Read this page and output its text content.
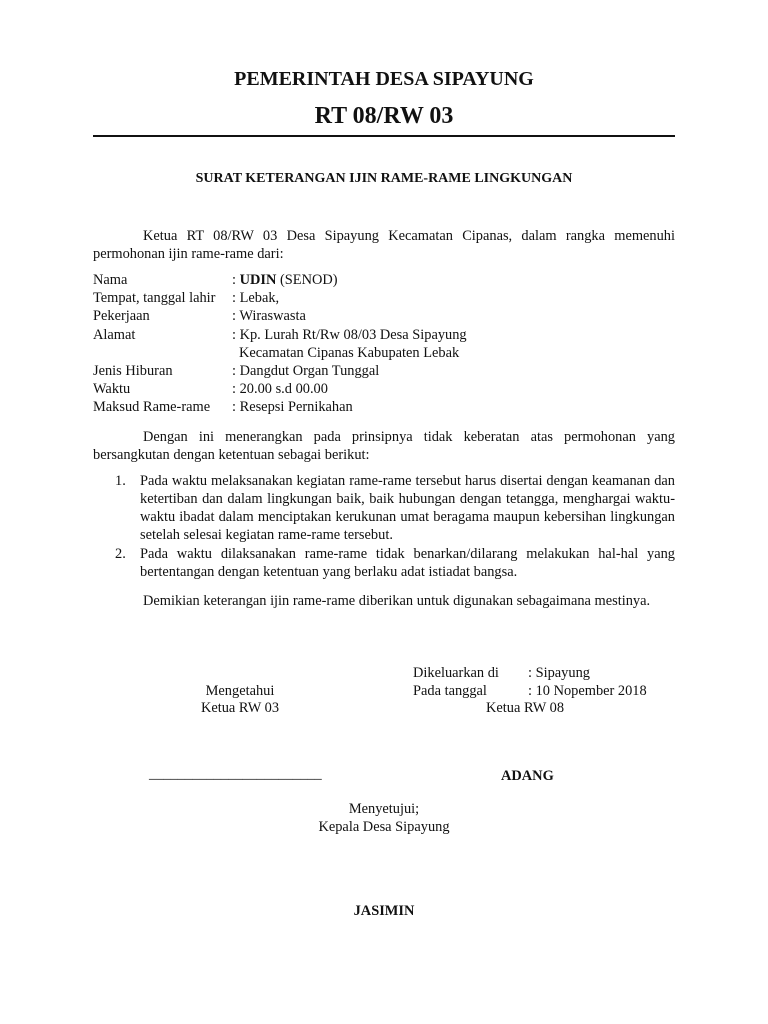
PEMERINTAH DESA SIPAYUNG
RT 08/RW 03
SURAT KETERANGAN IJIN RAME-RAME LINGKUNGAN
Ketua RT 08/RW 03 Desa Sipayung Kecamatan Cipanas, dalam rangka memenuhi permohonan ijin rame-rame dari:
Nama	: UDIN (SENOD)
Tempat, tanggal lahir : Lebak,
Pekerjaan	: Wiraswasta
Alamat	: Kp. Lurah Rt/Rw 08/03 Desa Sipayung
Kecamatan Cipanas Kabupaten Lebak
Jenis Hiburan	: Dangdut Organ Tunggal
Waktu	: 20.00 s.d 00.00
Maksud Rame-rame : Resepsi Pernikahan
Dengan ini menerangkan pada prinsipnya tidak keberatan atas permohonan yang bersangkutan dengan ketentuan sebagai berikut:
1. Pada waktu melaksanakan kegiatan rame-rame tersebut harus disertai dengan keamanan dan ketertiban dan dalam lingkungan baik, baik hubungan dengan tetangga, menghargai waktu-waktu ibadat dalam menciptakan kerukunan umat beragama maupun kebersihan lingkungan setelah selesai kegiatan rame-rame tersebut.
2. Pada waktu dilaksanakan rame-rame tidak benarkan/dilarang melakukan hal-hal yang bertentangan dengan ketentuan yang berlaku adat istiadat bangsa.
Demikian keterangan ijin rame-rame diberikan untuk digunakan sebagaimana mestinya.
Dikeluarkan di : Sipayung
Pada tanggal	: 10 Nopember 2018
Mengetahui
Ketua RW 03	Ketua RW 08
________________________	ADANG
Menyetujui;
Kepala Desa Sipayung
JASIMIN
